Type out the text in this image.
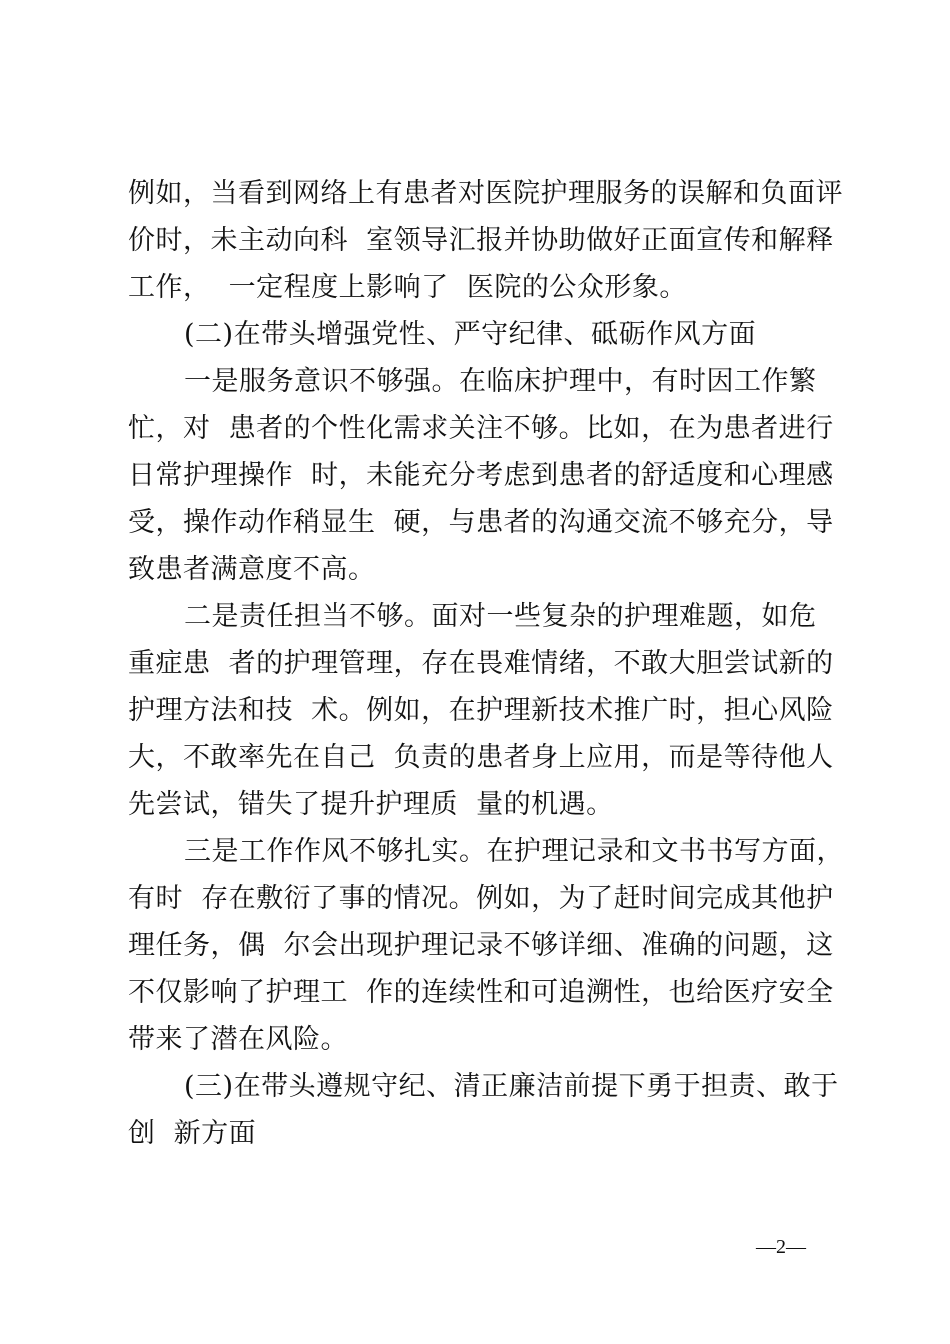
例如，当看到网络上有患者对医院护理服务的误解和负面评
价时，未主动向科  室领导汇报并协助做好正面宣传和解释
工作，  一定程度上影响了  医院的公众形象。
(二)在带头增强党性、严守纪律、砥砺作风方面
一是服务意识不够强。在临床护理中，有时因工作繁
忙，对  患者的个性化需求关注不够。比如，在为患者进行
日常护理操作  时，未能充分考虑到患者的舒适度和心理感
受，操作动作稍显生  硬，与患者的沟通交流不够充分，导
致患者满意度不高。
二是责任担当不够。面对一些复杂的护理难题，如危
重症患  者的护理管理，存在畏难情绪，不敢大胆尝试新的
护理方法和技  术。例如，在护理新技术推广时，担心风险
大，不敢率先在自己  负责的患者身上应用，而是等待他人
先尝试，错失了提升护理质  量的机遇。
三是工作作风不够扎实。在护理记录和文书书写方面，
有时  存在敷衍了事的情况。例如，为了赶时间完成其他护
理任务，偶  尔会出现护理记录不够详细、准确的问题，这
不仅影响了护理工  作的连续性和可追溯性，也给医疗安全
带来了潜在风险。
(三)在带头遵规守纪、清正廉洁前提下勇于担责、敢于
创  新方面
—2—
